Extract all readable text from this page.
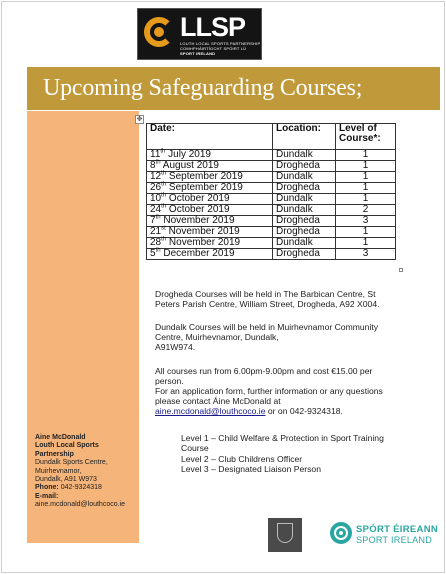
LLSP
LOUTH LOCAL SPORTS PARTNERSHIP
COMHPHÁIRTÍOCHT SPÓIRT LÚ
SPORT IRELAND
Upcoming Safeguarding Courses;
Aine McDonald
Louth Local Sports
Partnership
Dundalk Sports Centre,
Muirhevnamor,
Dundalk, A91 W973
Phone: 042-9324318
E-mail:
aine.mcdonald@louthcoco.ie
✥
Date:	Location:	Level of
Course*:
11th July 2019	Dundalk	1
8th August 2019	Drogheda	1
12th September 2019	Dundalk	1
26th September 2019	Drogheda	1
10th October 2019	Dundalk	1
24th October 2019	Dundalk	2
7th November 2019	Drogheda	3
21st November 2019	Drogheda	1
28th November 2019	Dundalk	1
5th December 2019	Drogheda	3
Drogheda Courses will be held in The Barbican Centre, St
Peters Parish Centre, William Street, Drogheda, A92 X004.
Dundalk Courses will be held in Muirhevnamor Community
Centre, Muirhevnamor, Dundalk,
A91W974.
All courses run from 6.00pm-9.00pm and cost €15.00 per
person.
For an application form, further information or any questions
please contact Áine McDonald at
aine.mcdonald@louthcoco.ie or on 042-9324318.
Level 1 – Child Welfare & Protection in Sport Training
Course
Level 2 – Club Childrens Officer
Level 3 – Designated Liaison Person
SPÓRT ÉIREANN
SPORT IRELAND
